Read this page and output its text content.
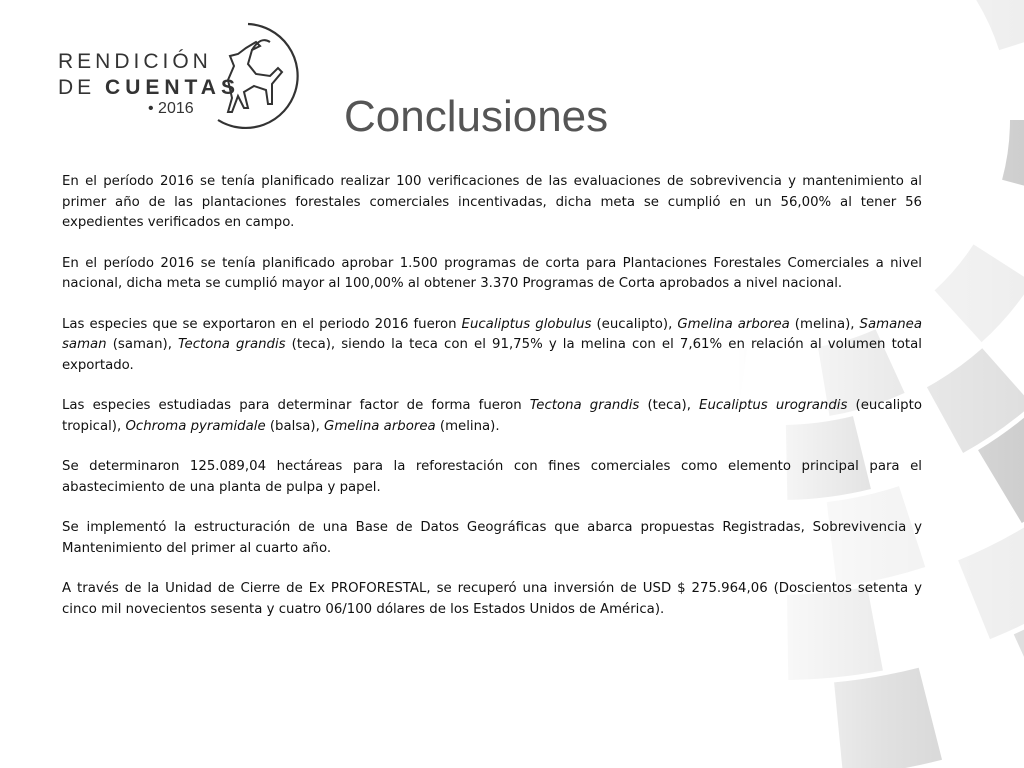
RENDICIÓN
DE CUENTAS
• 2016	Conclusiones

En el período 2016 se tenía planificado realizar 100 verificaciones de las evaluaciones de sobrevivencia y mantenimiento al primer año de las plantaciones forestales comerciales incentivadas, dicha meta se cumplió en un 56,00% al tener 56 expedientes verificados en campo.

En el período 2016 se tenía planificado aprobar 1.500 programas de corta para Plantaciones Forestales Comerciales a nivel nacional, dicha meta se cumplió mayor al 100,00% al obtener 3.370 Programas de Corta aprobados a nivel nacional.

Las especies que se exportaron en el periodo 2016 fueron Eucaliptus globulus (eucalipto), Gmelina arborea (melina), Samanea saman (saman), Tectona grandis (teca), siendo la teca con el 91,75% y la melina con el 7,61% en relación al volumen total exportado.

Las especies estudiadas para determinar factor de forma fueron Tectona grandis (teca), Eucaliptus urograndis (eucalipto tropical), Ochroma pyramidale (balsa), Gmelina arborea (melina).

Se determinaron 125.089,04 hectáreas para la reforestación con fines comerciales como elemento principal para el abastecimiento de una planta de pulpa y papel.

Se implementó la estructuración de una Base de Datos Geográficas que abarca propuestas Registradas, Sobrevivencia y Mantenimiento del primer al cuarto año.

A través de la Unidad de Cierre de Ex PROFORESTAL, se recuperó una inversión de USD $ 275.964,06 (Doscientos setenta y cinco mil novecientos sesenta y cuatro 06/100 dólares de los Estados Unidos de América).
